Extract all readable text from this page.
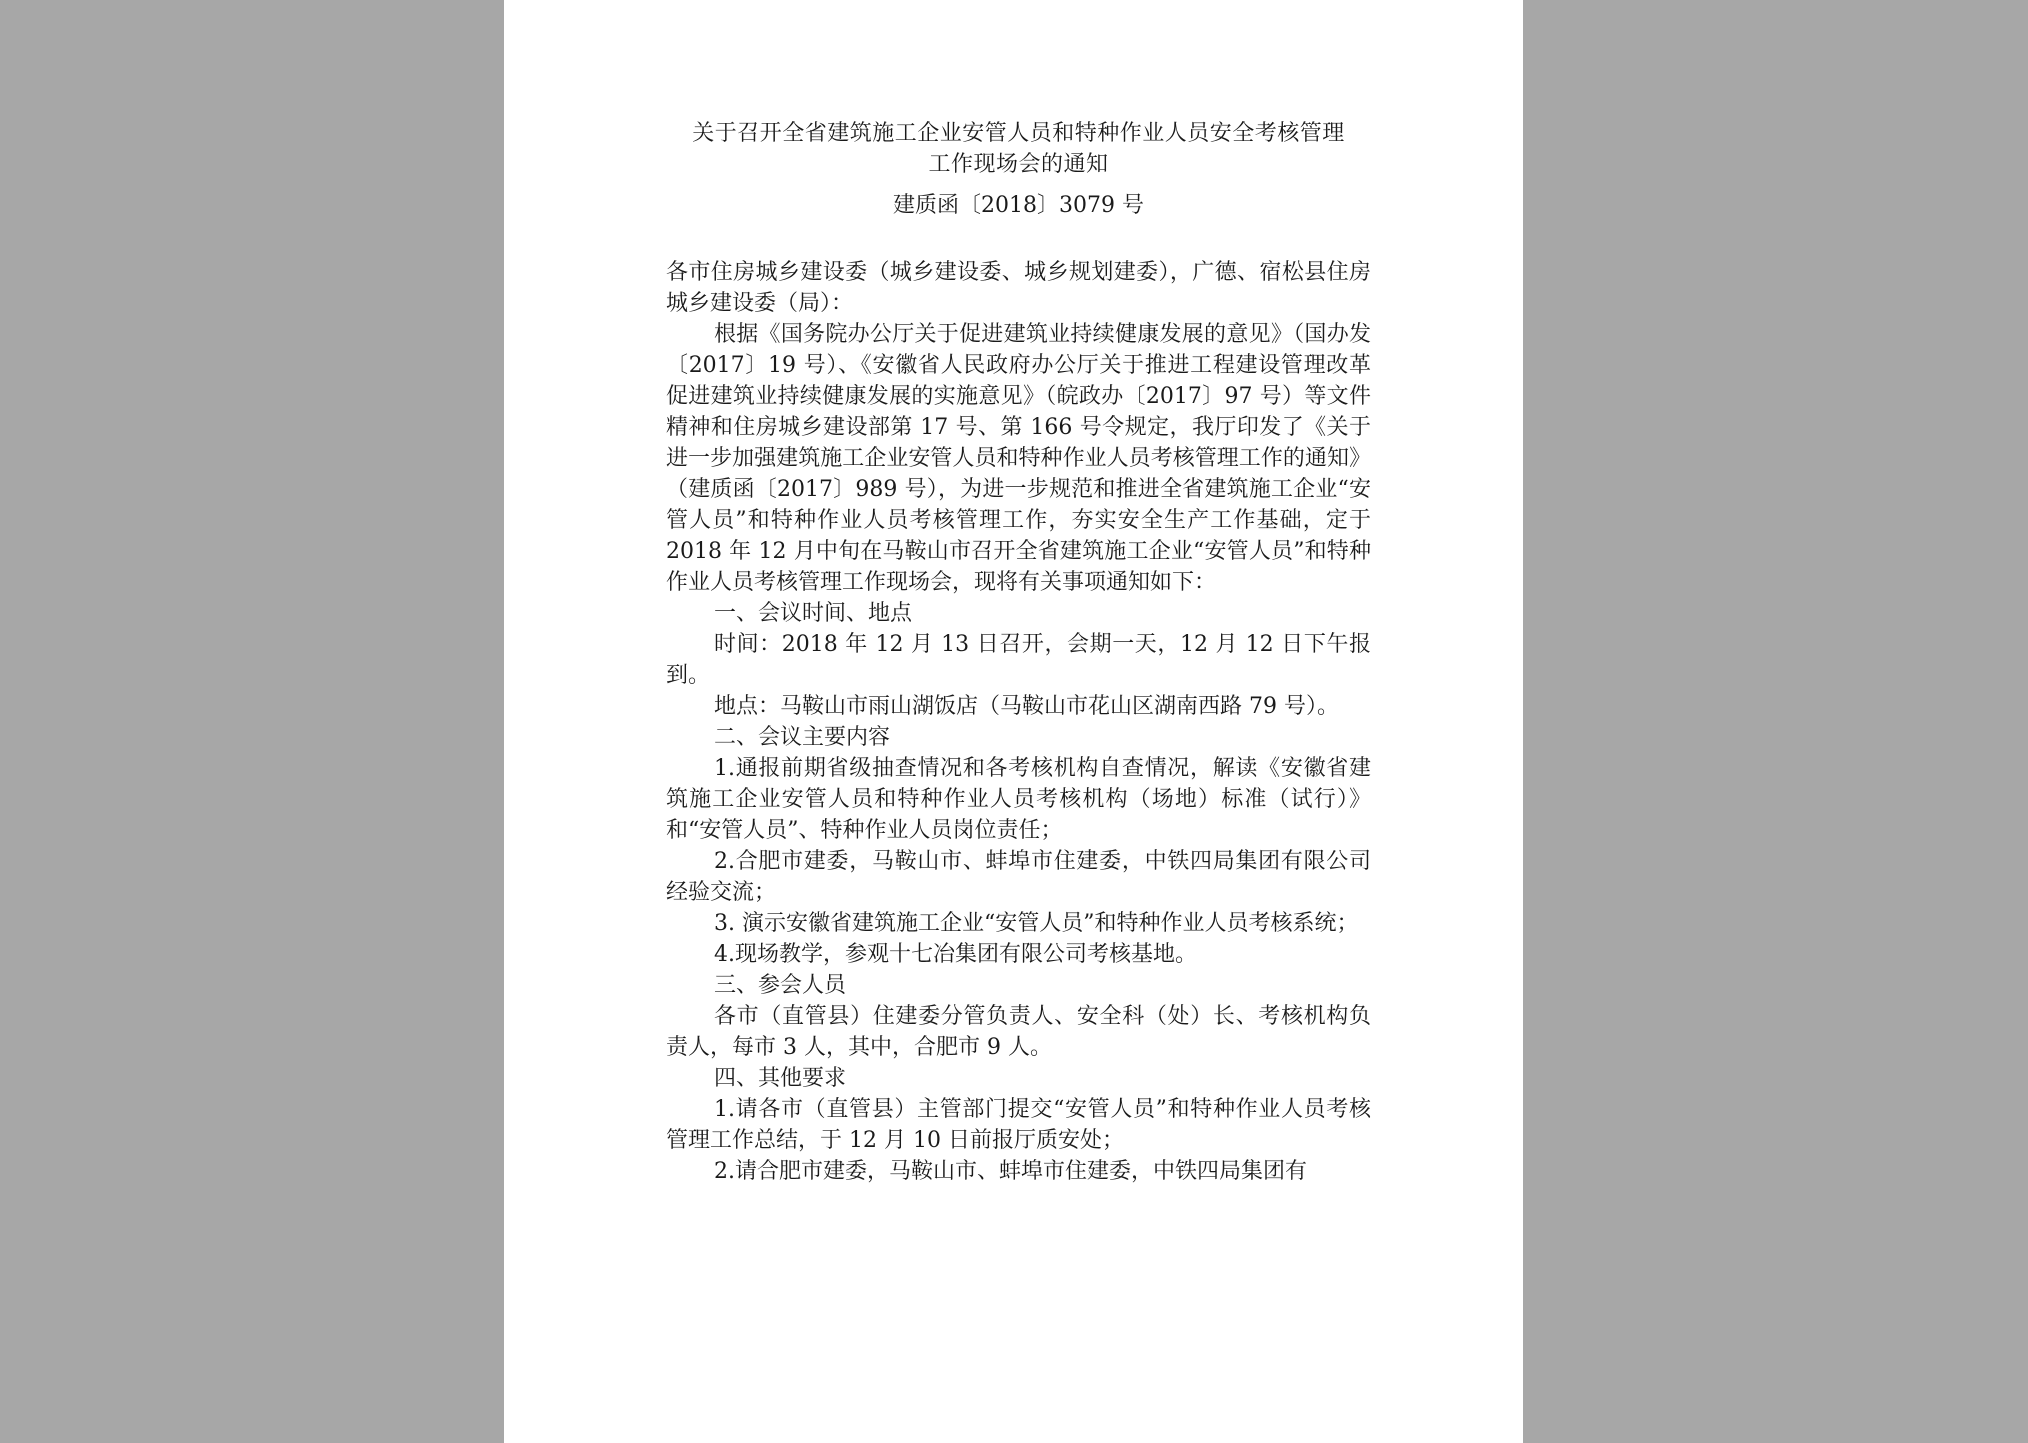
关于召开全省建筑施工企业安管人员和特种作业人员安全考核管理
工作现场会的通知
建质函〔2018〕3079 号

各市住房城乡建设委（城乡建设委、城乡规划建委），广德、宿松县住房城乡建设委（局）：

根据《国务院办公厅关于促进建筑业持续健康发展的意见》（国办发〔2017〕19 号）、《安徽省人民政府办公厅关于推进工程建设管理改革促进建筑业持续健康发展的实施意见》（皖政办〔2017〕97 号）等文件精神和住房城乡建设部第 17 号、第 166 号令规定，我厅印发了《关于进一步加强建筑施工企业安管人员和特种作业人员考核管理工作的通知》（建质函〔2017〕989 号），为进一步规范和推进全省建筑施工企业“安管人员”和特种作业人员考核管理工作，夯实安全生产工作基础，定于 2018 年 12 月中旬在马鞍山市召开全省建筑施工企业“安管人员”和特种作业人员考核管理工作现场会，现将有关事项通知如下：

一、会议时间、地点

时间：2018 年 12 月 13 日召开，会期一天，12 月 12 日下午报到。

地点：马鞍山市雨山湖饭店（马鞍山市花山区湖南西路 79 号）。

二、会议主要内容

1.通报前期省级抽查情况和各考核机构自查情况，解读《安徽省建筑施工企业安管人员和特种作业人员考核机构（场地）标准（试行）》和“安管人员”、特种作业人员岗位责任；

2.合肥市建委，马鞍山市、蚌埠市住建委，中铁四局集团有限公司经验交流；

3. 演示安徽省建筑施工企业“安管人员”和特种作业人员考核系统；

4.现场教学，参观十七冶集团有限公司考核基地。

三、参会人员

各市（直管县）住建委分管负责人、安全科（处）长、考核机构负责人，每市 3 人，其中，合肥市 9 人。

四、其他要求

1.请各市（直管县）主管部门提交“安管人员”和特种作业人员考核管理工作总结，于 12 月 10 日前报厅质安处；

2.请合肥市建委，马鞍山市、蚌埠市住建委，中铁四局集团有
